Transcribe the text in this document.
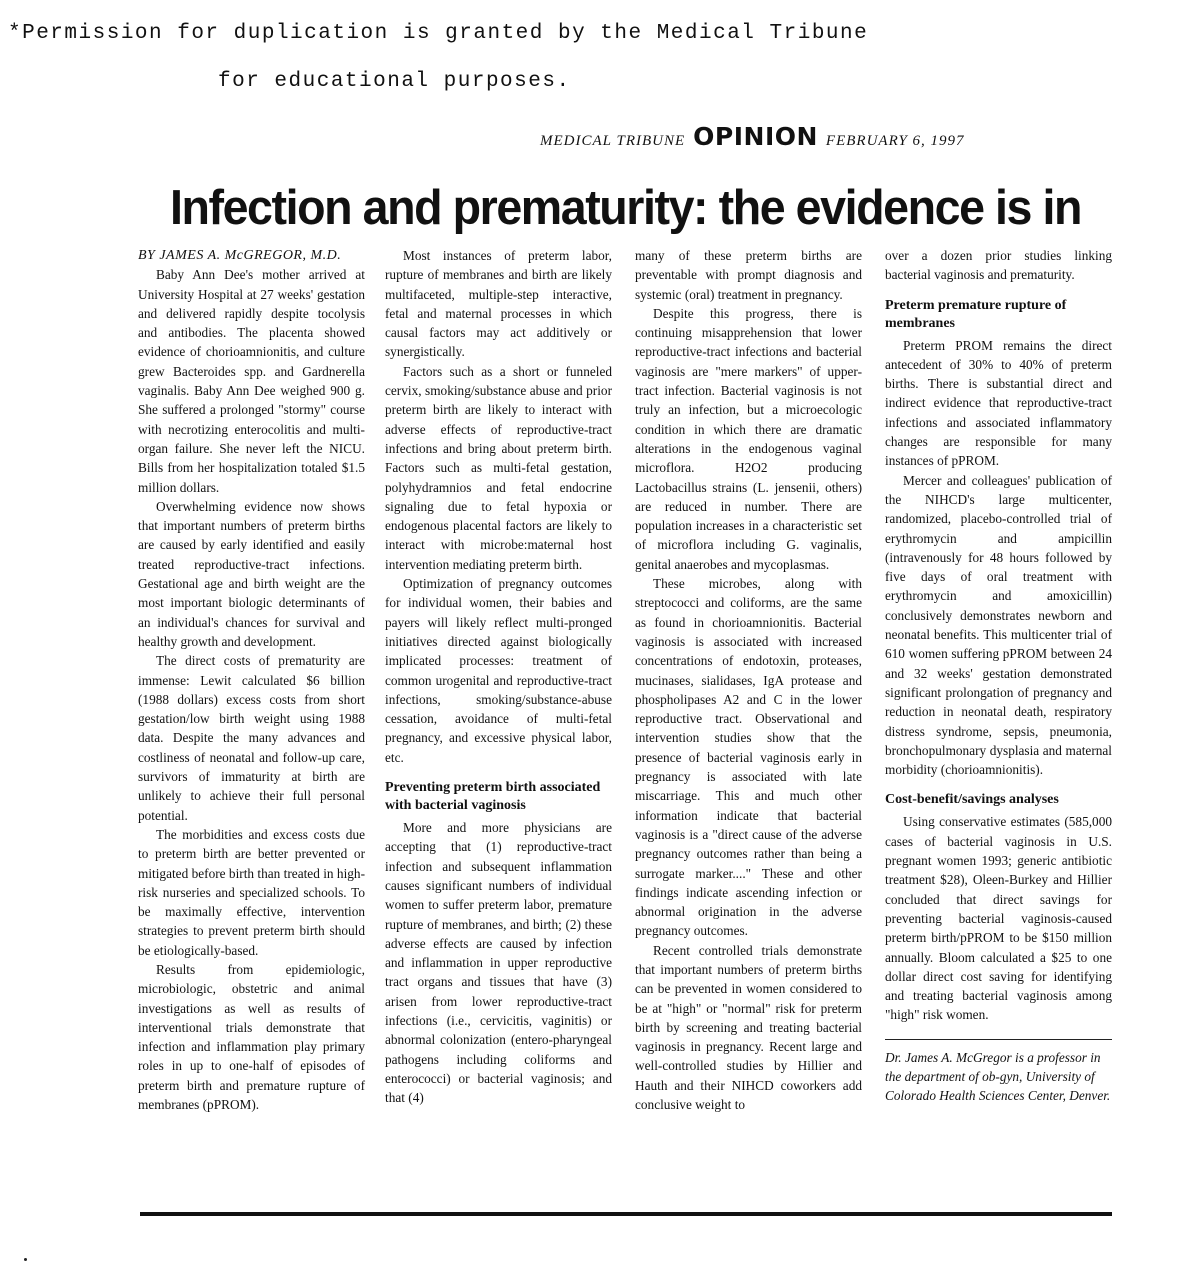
*Permission for duplication is granted by the Medical Tribune
for educational purposes.
MEDICAL TRIBUNE OPINION FEBRUARY 6, 1997
Infection and prematurity: the evidence is in
BY JAMES A. McGREGOR, M.D.

Baby Ann Dee's mother arrived at University Hospital at 27 weeks' gestation and delivered rapidly despite tocolysis and antibodies. The placenta showed evidence of chorioamnionitis, and culture grew Bacteroides spp. and Gardnerella vaginalis. Baby Ann Dee weighed 900 g. She suffered a prolonged "stormy" course with necrotizing enterocolitis and multi-organ failure. She never left the NICU. Bills from her hospitalization totaled $1.5 million dollars.

Overwhelming evidence now shows that important numbers of preterm births are caused by early identified and easily treated reproductive-tract infections. Gestational age and birth weight are the most important biologic determinants of an individual's chances for survival and healthy growth and development.

The direct costs of prematurity are immense: Lewit calculated $6 billion (1988 dollars) excess costs from short gestation/low birth weight using 1988 data. Despite the many advances and costliness of neonatal and follow-up care, survivors of immaturity at birth are unlikely to achieve their full personal potential.

The morbidities and excess costs due to preterm birth are better prevented or mitigated before birth than treated in high-risk nurseries and specialized schools. To be maximally effective, intervention strategies to prevent preterm birth should be etiologically-based.

Results from epidemiologic, microbiologic, obstetric and animal investigations as well as results of interventional trials demonstrate that infection and inflammation play primary roles in up to one-half of episodes of preterm birth and premature rupture of membranes (pPROM).

Most instances of preterm labor, rupture of membranes and birth are likely multifaceted, multiple-step interactive, fetal and maternal processes in which causal factors may act additively or synergistically.

Factors such as a short or funneled cervix, smoking/substance abuse and prior preterm birth are likely to interact with adverse effects of reproductive-tract infections and bring about preterm birth. Factors such as multi-fetal gestation, polyhydramnios and fetal endocrine signaling due to fetal hypoxia or endogenous placental factors are likely to interact with microbe:maternal host intervention mediating preterm birth.

Optimization of pregnancy outcomes for individual women, their babies and payers will likely reflect multi-pronged initiatives directed against biologically implicated processes: treatment of common urogenital and reproductive-tract infections, smoking/substance-abuse cessation, avoidance of multi-fetal pregnancy, and excessive physical labor, etc.

Preventing preterm birth associated with bacterial vaginosis

More and more physicians are accepting that (1) reproductive-tract infection and subsequent inflammation causes significant numbers of individual women to suffer preterm labor, premature rupture of membranes, and birth; (2) these adverse effects are caused by infection and inflammation in upper reproductive tract organs and tissues that have (3) arisen from lower reproductive-tract infections (i.e., cervicitis, vaginitis) or abnormal colonization (entero-pharyngeal pathogens including coliforms and enterococci) or bacterial vaginosis; and that (4)

many of these preterm births are preventable with prompt diagnosis and systemic (oral) treatment in pregnancy.

Despite this progress, there is continuing misapprehension that lower reproductive-tract infections and bacterial vaginosis are "mere markers" of upper-tract infection. Bacterial vaginosis is not truly an infection, but a microecologic condition in which there are dramatic alterations in the endogenous vaginal microflora. H2O2 producing Lactobacillus strains (L. jensenii, others) are reduced in number. There are population increases in a characteristic set of microflora including G. vaginalis, genital anaerobes and mycoplasmas.

These microbes, along with streptococci and coliforms, are the same as found in chorioamnionitis. Bacterial vaginosis is associated with increased concentrations of endotoxin, proteases, mucinases, sialidases, IgA protease and phospholipases A2 and C in the lower reproductive tract. Observational and intervention studies show that the presence of bacterial vaginosis early in pregnancy is associated with late miscarriage. This and much other information indicate that bacterial vaginosis is a "direct cause of the adverse pregnancy outcomes rather than being a surrogate marker...." These and other findings indicate ascending infection or abnormal origination in the adverse pregnancy outcomes.

Recent controlled trials demonstrate that important numbers of preterm births can be prevented in women considered to be at "high" or "normal" risk for preterm birth by screening and treating bacterial vaginosis in pregnancy. Recent large and well-controlled studies by Hillier and Hauth and their NIHCD coworkers add conclusive weight to

over a dozen prior studies linking bacterial vaginosis and prematurity.

Preterm premature rupture of membranes

Preterm PROM remains the direct antecedent of 30% to 40% of preterm births. There is substantial direct and indirect evidence that reproductive-tract infections and associated inflammatory changes are responsible for many instances of pPROM.

Mercer and colleagues' publication of the NIHCD's large multicenter, randomized, placebo-controlled trial of erythromycin and ampicillin (intravenously for 48 hours followed by five days of oral treatment with erythromycin and amoxicillin) conclusively demonstrates newborn and neonatal benefits. This multicenter trial of 610 women suffering pPROM between 24 and 32 weeks' gestation demonstrated significant prolongation of pregnancy and reduction in neonatal death, respiratory distress syndrome, sepsis, pneumonia, bronchopulmonary dysplasia and maternal morbidity (chorioamnionitis).

Cost-benefit/savings analyses

Using conservative estimates (585,000 cases of bacterial vaginosis in U.S. pregnant women 1993; generic antibiotic treatment $28), Oleen-Burkey and Hillier concluded that direct savings for preventing bacterial vaginosis-caused preterm birth/pPROM to be $150 million annually. Bloom calculated a $25 to one dollar direct cost saving for identifying and treating bacterial vaginosis among "high" risk women.

Dr. James A. McGregor is a professor in the department of ob-gyn, University of Colorado Health Sciences Center, Denver.
